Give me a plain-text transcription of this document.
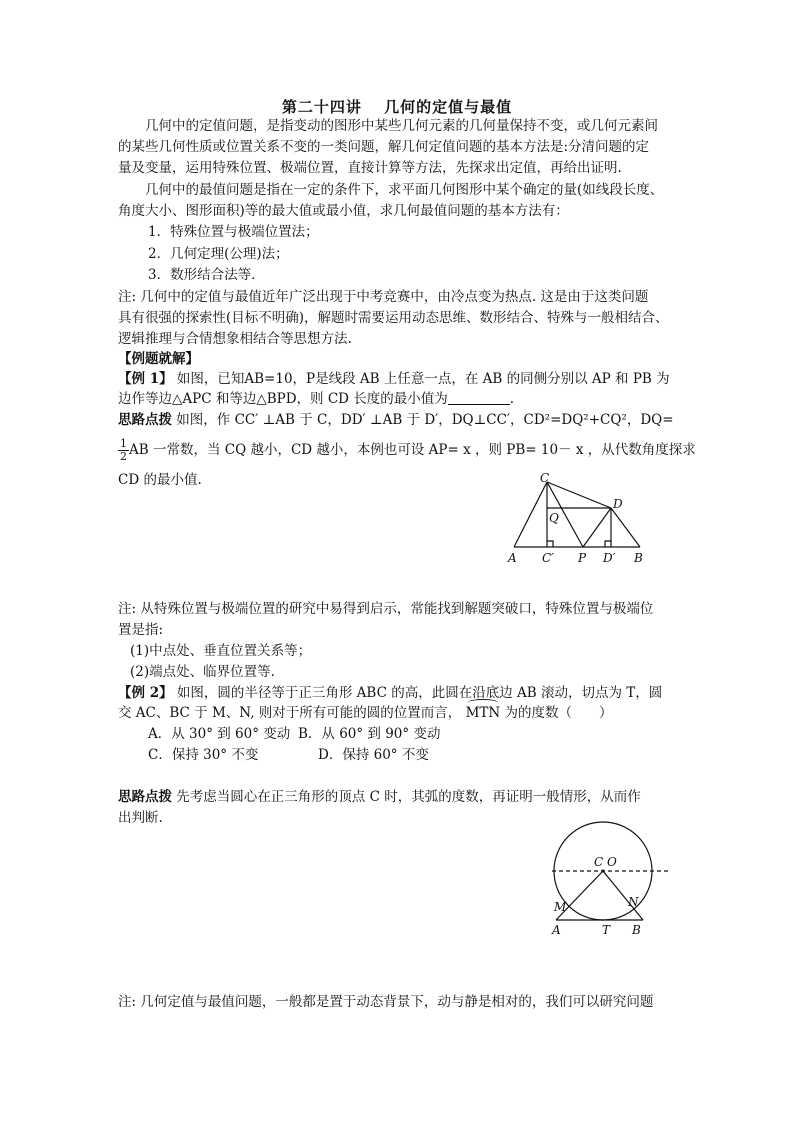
第二十四讲　 几何的定值与最值
几何中的定值问题，是指变动的图形中某些几何元素的几何量保持不变，或几何元素间
的某些几何性质或位置关系不变的一类问题，解几何定值问题的基本方法是:分清问题的定
量及变量，运用特殊位置、极端位置，直接计算等方法，先探求出定值，再给出证明.
几何中的最值问题是指在一定的条件下，求平面几何图形中某个确定的量(如线段长度、
角度大小、图形面积)等的最大值或最小值，求几何最值问题的基本方法有：
1．特殊位置与极端位置法；
2．几何定理(公理)法；
3．数形结合法等．
注: 几何中的定值与最值近年广泛出现于中考竞赛中，由冷点变为热点. 这是由于这类问题
具有很强的探索性(目标不明确)，解题时需要运用动态思维、数形结合、特殊与一般相结合、
逻辑推理与合情想象相结合等思想方法.
【例题就解】
【例 1】 如图，已知AB=10，P是线段 AB 上任意一点，在 AB 的同侧分别以 AP 和 PB 为
边作等边△APC 和等边△BPD，则 CD 长度的最小值为	.
思路点拨 如图，作 CC′ ⊥AB 于 C，DD′ ⊥AB 于 D′，DQ⊥CC′，CD²=DQ²+CQ²，DQ=
$\frac{1}{2}$ AB 一常数，当 CQ 越小，CD 越小，本例也可设 AP= x ，则 PB= 10－ x ，从代数角度探求
CD 的最小值.	C
D
Q
A C′ P D′ B
注: 从特殊位置与极端位置的研究中易得到启示，常能找到解题突破口，特殊位置与极端位
置是指:
(1)中点处、垂直位置关系等；
(2)端点处、临界位置等.
【例 2】 如图，圆的半径等于正三角形 ABC 的高，此圆在沿底边 AB 滚动，切点为 T，圆
交 AC、BC 于 M、N, 则对于所有可能的圆的位置而言， MTN 为的度数（　　）
A．从 30° 到 60° 变动 B．从 60° 到 90° 变动
C．保持 30° 不变	D．保持 60° 不变
思路点拨 先考虑当圆心在正三角形的顶点 C 时，其弧的度数，再证明一般情形，从而作
出判断.
C O
M	N
A	T B
注: 几何定值与最值问题，一般都是置于动态背景下，动与静是相对的，我们可以研究问题
